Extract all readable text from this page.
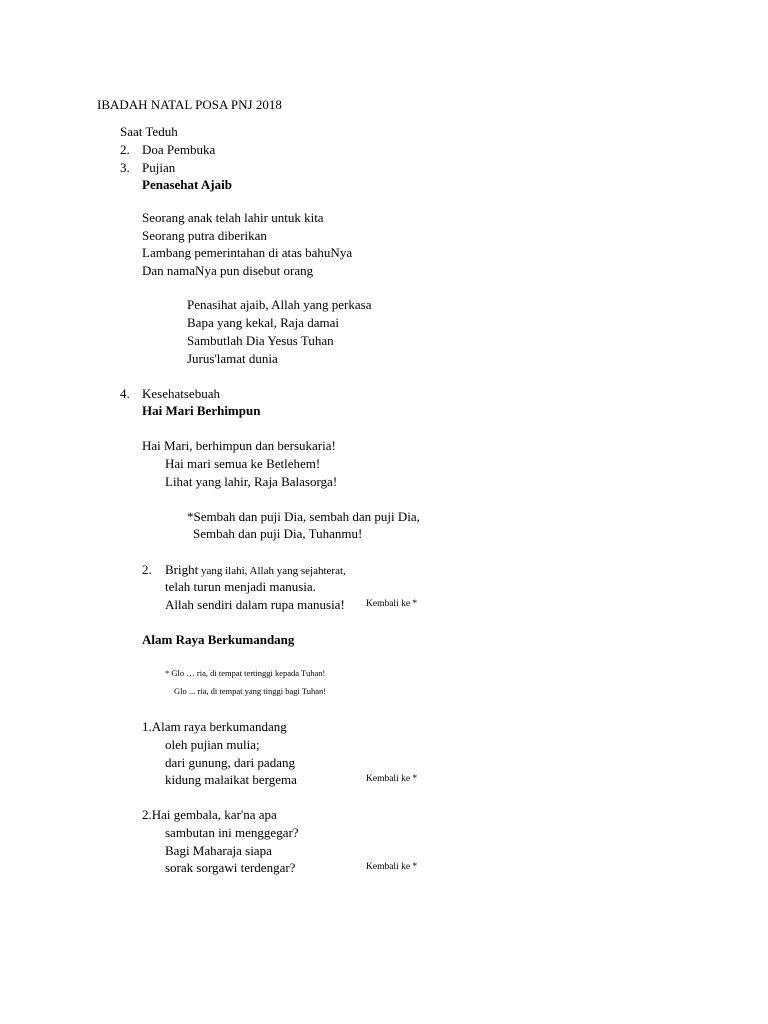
IBADAH NATAL POSA PNJ 2018
Saat Teduh
2. Doa Pembuka
3. Pujian
Penasehat Ajaib
Seorang anak telah lahir untuk kita
Seorang putra diberikan
Lambang pemerintahan di atas bahuNya
Dan namaNya pun disebut orang
Penasihat ajaib, Allah yang perkasa
Bapa yang kekal, Raja damai
Sambutlah Dia Yesus Tuhan
Jurus'lamat dunia
4. Kesehatsebuah
Hai Mari Berhimpun
Hai Mari, berhimpun dan bersukaria!
Hai mari semua ke Betlehem!
Lihat yang lahir, Raja Balasorga!
*Sembah dan puji Dia, sembah dan puji Dia,
Sembah dan puji Dia, Tuhanmu!
2. Bright yang ilahi, Allah yang sejahterat,
telah turun menjadi manusia.
Allah sendiri dalam rupa manusia! Kembali ke *
Alam Raya Berkumandang
* Glo … ria, di tempat tertinggi kepada Tuhan!
Glo ... ria, di tempat yang tinggi bagi Tuhan!
1.Alam raya berkumandang
oleh pujian mulia;
dari gunung, dari padang
kidung malaikat bergema	Kembali ke *
2.Hai gembala, kar'na apa
sambutan ini menggegar?
Bagi Maharaja siapa
sorak sorgawi terdengar?	Kembali ke *
